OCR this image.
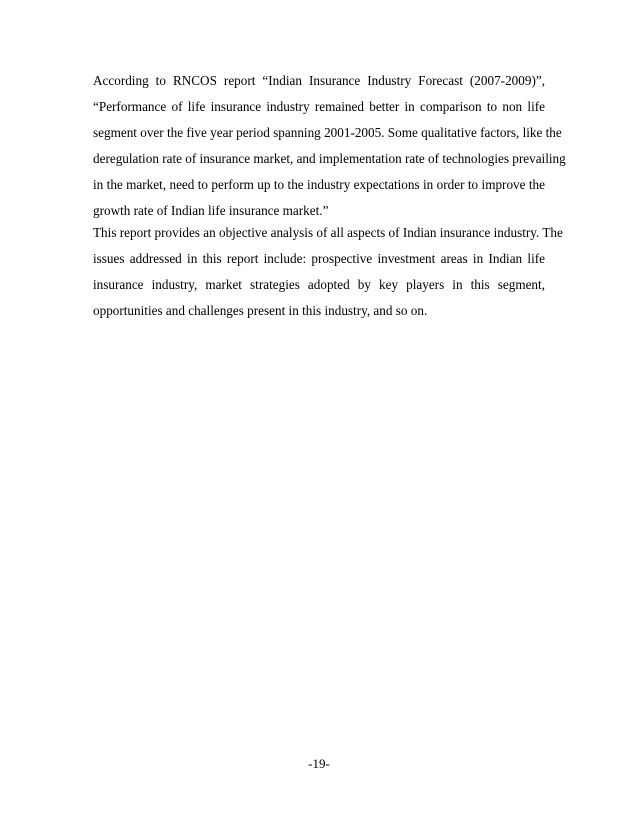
According to RNCOS report “Indian Insurance Industry Forecast (2007-2009)”,
“Performance of life insurance industry remained better in comparison to non life
segment over the five year period spanning 2001-2005. Some qualitative factors, like the
deregulation rate of insurance market, and implementation rate of technologies prevailing
in the market, need to perform up to the industry expectations in order to improve the
growth rate of Indian life insurance market.”
This report provides an objective analysis of all aspects of Indian insurance industry. The
issues addressed in this report include: prospective investment areas in Indian life
insurance industry, market strategies adopted by key players in this segment,
opportunities and challenges present in this industry, and so on.
-19-
